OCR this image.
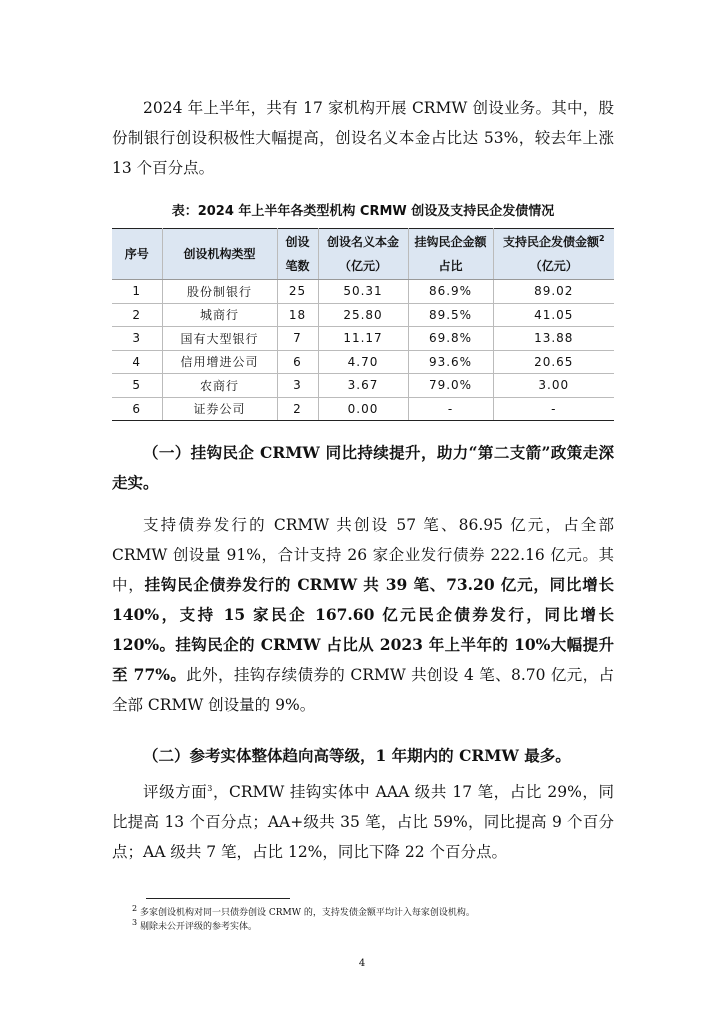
2024 年上半年，共有 17 家机构开展 CRMW 创设业务。其中，股份制银行创设积极性大幅提高，创设名义本金占比达 53%，较去年上涨 13 个百分点。

表：2024 年上半年各类型机构 CRMW 创设及支持民企发债情况
序号	创设机构类型	创设笔数	创设名义本金（亿元）	挂钩民企金额占比	支持民企发债金额$^2$（亿元）
1	股份制银行	25	50.31	86.9%	89.02
2	城商行	18	25.80	89.5%	41.05
3	国有大型银行	7	11.17	69.8%	13.88
4	信用增进公司	6	4.70	93.6%	20.65
5	农商行	3	3.67	79.0%	3.00
6	证券公司	2	0.00	-	-

（一）挂钩民企 CRMW 同比持续提升，助力“第二支箭”政策走深走实。

支持债券发行的 CRMW 共创设 57 笔、86.95 亿元，占全部 CRMW 创设量 91%，合计支持 26 家企业发行债券 222.16 亿元。其中，挂钩民企债券发行的 CRMW 共 39 笔、73.20 亿元，同比增长 140%，支持 15 家民企 167.60 亿元民企债券发行，同比增长 120%。挂钩民企的 CRMW 占比从 2023 年上半年的 10%大幅提升至 77%。此外，挂钩存续债券的 CRMW 共创设 4 笔、8.70 亿元，占全部 CRMW 创设量的 9%。

（二）参考实体整体趋向高等级，1 年期内的 CRMW 最多。

评级方面$^3$，CRMW 挂钩实体中 AAA 级共 17 笔，占比 29%，同比提高 13 个百分点；AA+级共 35 笔，占比 59%，同比提高 9 个百分点；AA 级共 7 笔，占比 12%，同比下降 22 个百分点。

$^2$ 多家创设机构对同一只债券创设 CRMW 的，支持发债金额平均计入每家创设机构。
$^3$ 剔除未公开评级的参考实体。
4
